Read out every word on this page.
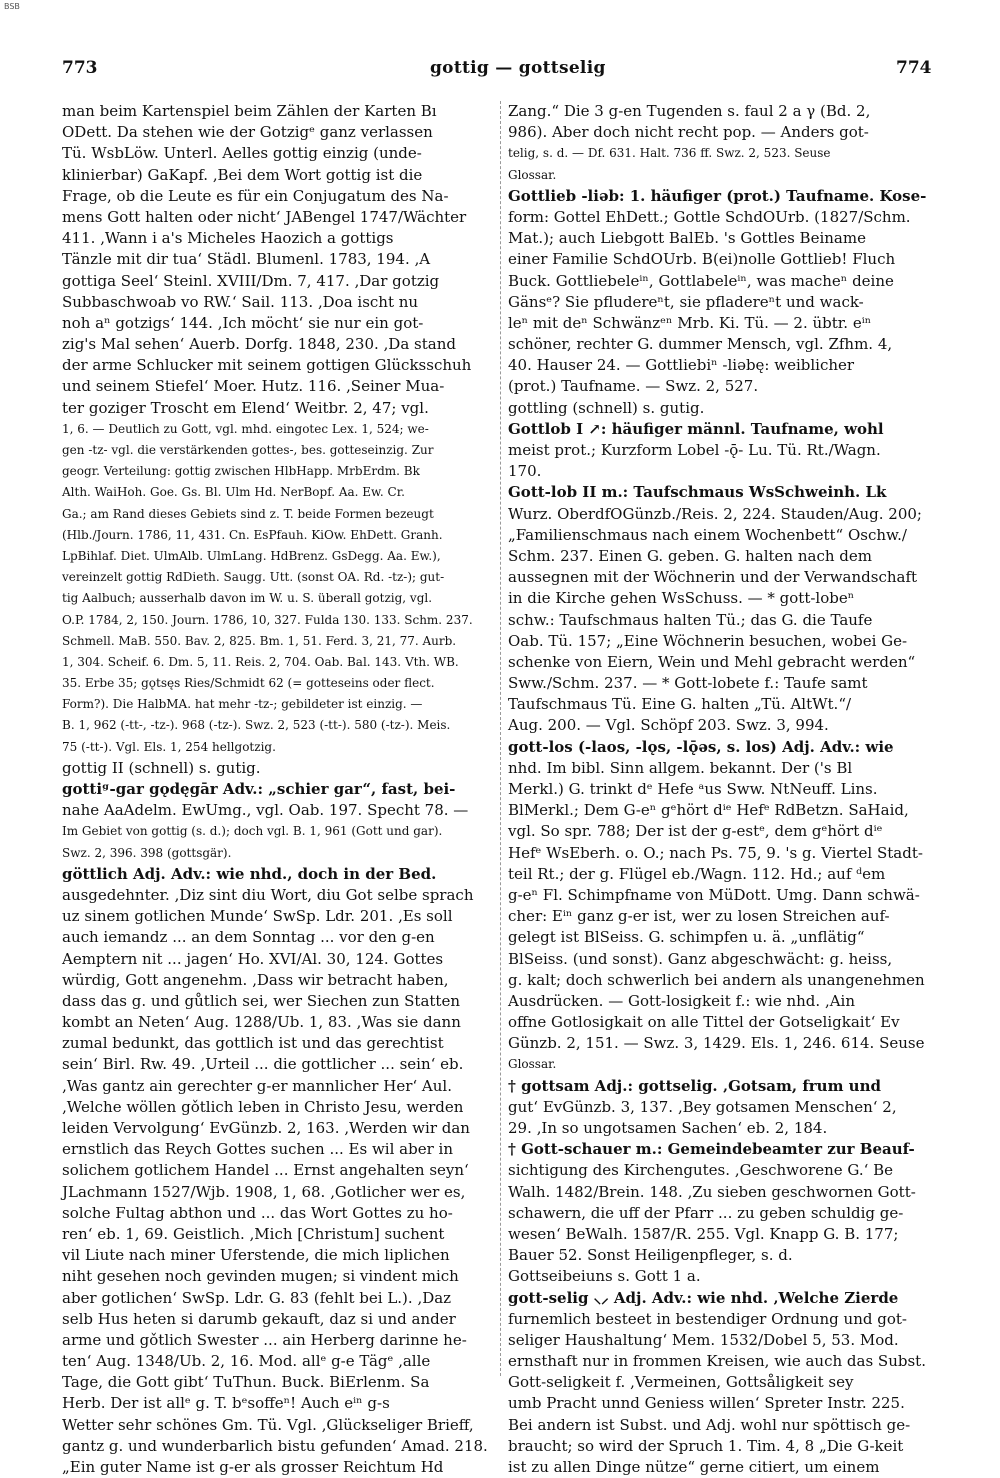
BSB
773	gottig — gottselig	774
man beim Kartenspiel beim Zählen der Karten Bı
ODett. Da stehen wie der Gotzigᵉ ganz verlassen
Tü. WsbLöw. Unterl. Aelles gottig einzig (unde-
klinierbar) GaKapf. ‚Bei dem Wort gottig ist die
Frage, ob die Leute es für ein Conjugatum des Na-
mens Gott halten oder nicht‘ JABengel 1747/Wächter
411. ‚Wann i a's Micheles Haozich a gottigs
Tänzle mit dir tua‘ Städl. Blumenl. 1783, 194. ‚A
gottiga Seel‘ Steinl. XVIII/Dm. 7, 417. ‚Dar gotzig
Subbaschwoab vo RW.‘ Sail. 113. ‚Doa ischt nu
noh aⁿ gotzigs‘ 144. ‚Ich möcht‘ sie nur ein got-
zig's Mal sehen‘ Auerb. Dorfg. 1848, 230. ‚Da stand
der arme Schlucker mit seinem gottigen Glücksschuh
und seinem Stiefel‘ Moer. Hutz. 116. ‚Seiner Mua-
ter goziger Troscht em Elend‘ Weitbr. 2, 47; vgl.
1, 6. — Deutlich zu Gott, vgl. mhd. eingotec Lex. 1, 524; we-
gen -tz- vgl. die verstärkenden gottes-, bes. gotteseinzig. Zur
geogr. Verteilung: gottig zwischen HlbHapp. MrbErdm. Bk
Alth. WaiHoh. Goe. Gs. Bl. Ulm Hd. NerBopf. Aa. Ew. Cr.
Ga.; am Rand dieses Gebiets sind z. T. beide Formen bezeugt
(Hlb./Journ. 1786, 11, 431. Cn. EsPfauh. KiOw. EhDett. Granh.
LpBihlaf. Diet. UlmAlb. UlmLang. HdBrenz. GsDegg. Aa. Ew.),
vereinzelt gottig RdDieth. Saugg. Utt. (sonst OA. Rd. -tz-); gut-
tig Aalbuch; ausserhalb davon im W. u. S. überall gotzig, vgl.
O.P. 1784, 2, 150. Journ. 1786, 10, 327. Fulda 130. 133. Schm. 237.
Schmell. MaB. 550. Bav. 2, 825. Bm. 1, 51. Ferd. 3, 21, 77. Aurb.
1, 304. Scheif. 6. Dm. 5, 11. Reis. 2, 704. Oab. Bal. 143. Vth. WB.
35. Erbe 35; gǫtsęs Ries/Schmidt 62 (= gotteseins oder flect.
Form?). Die HalbMA. hat mehr -tz-; gebildeter ist einzig. —
B. 1, 962 (-tt-, -tz-). 968 (-tz-). Swz. 2, 523 (-tt-). 580 (-tz-). Meis.
75 (-tt-). Vgl. Els. 1, 254 hellgotzig.
gottig II (schnell) s. gutig.
gottiᵍ-gar gǫdęgār Adv.: „schier gar“, fast, bei-
nahe AaAdelm. EwUmg., vgl. Oab. 197. Specht 78. —
Im Gebiet von gottig (s. d.); doch vgl. B. 1, 961 (Gott und gar).
Swz. 2, 396. 398 (gottsgär).
göttlich Adj. Adv.: wie nhd., doch in der Bed.
ausgedehnter. ‚Diz sint diu Wort, diu Got selbe sprach
uz sinem gotlichen Munde‘ SwSp. Ldr. 201. ‚Es soll
auch iemandz ... an dem Sonntag ... vor den g-en
Aemptern nit ... jagen‘ Ho. XVI/Al. 30, 124. Gottes
würdig, Gott angenehm. ‚Dass wir betracht haben,
dass das g. und gůtlich sei, wer Siechen zun Statten
kombt an Neten‘ Aug. 1288/Ub. 1, 83. ‚Was sie dann
zumal bedunkt, das gottlich ist und das gerechtist
sein‘ Birl. Rw. 49. ‚Urteil ... die gottlicher ... sein‘ eb.
‚Was gantz ain gerechter g-er mannlicher Her‘ Aul.
‚Welche wöllen gǒtlich leben in Christo Jesu, werden
leiden Vervolgung‘ EvGünzb. 2, 163. ‚Werden wir dan
ernstlich das Reych Gottes suchen ... Es wil aber in
solichem gotlichem Handel ... Ernst angehalten seyn‘
JLachmann 1527/Wjb. 1908, 1, 68. ‚Gotlicher wer es,
solche Fultag abthon und ... das Wort Gottes zu ho-
ren‘ eb. 1, 69. Geistlich. ‚Mich [Christum] suchent
vil Liute nach miner Uferstende, die mich liplichen
niht gesehen noch gevinden mugen; si vindent mich
aber gotlichen‘ SwSp. Ldr. G. 83 (fehlt bei L.). ‚Daz
selb Hus heten si darumb gekauft, daz si und ander
arme und gǒtlich Swester ... ain Herberg darinne he-
ten‘ Aug. 1348/Ub. 2, 16. Mod. allᵉ g-e Tägᵉ ‚alle
Tage, die Gott gibt‘ TuThun. Buck. BiErlenm. Sa
Herb. Der ist allᵉ g. T. bᵉsoffeⁿ! Auch eⁱⁿ g-s
Wetter sehr schönes Gm. Tü. Vgl. ‚Glückseliger Brieff,
gantz g. und wunderbarlich bistu gefunden‘ Amad. 218.
„Ein guter Name ist g-er als grosser Reichtum Hd
Zang.“ Die 3 g-en Tugenden s. faul 2 a γ (Bd. 2,
986). Aber doch nicht recht pop. — Anders got-
telig, s. d. — Df. 631. Halt. 736 ff. Swz. 2, 523. Seuse
Glossar.
Gottlieb -liəb: 1. häufiger (prot.) Taufname. Kose-
form: Gottel EhDett.; Gottle SchdOUrb. (1827/Schm.
Mat.); auch Liebgott BalEb. 's Gottles Beiname
einer Familie SchdOUrb. B(ei)nolle Gottlieb! Fluch
Buck. Gottliebeleⁱⁿ, Gottlabeleⁱⁿ, was macheⁿ deine
Gänsᵉ? Sie pfludereⁿt, sie pfladereⁿt und wack-
leⁿ mit deⁿ Schwänzᵉⁿ Mrb. Ki. Tü. — 2. übtr. eⁱⁿ
schöner, rechter G. dummer Mensch, vgl. Zfhm. 4,
40. Hauser 24. — Gottliebiⁿ -liəbę: weiblicher
(prot.) Taufname. — Swz. 2, 527.
gottling (schnell) s. gutig.
Gottlob I ↗: häufiger männl. Taufname, wohl
meist prot.; Kurzform Lobel -ǭ- Lu. Tü. Rt./Wagn.
170.
Gott-lob II m.: Taufschmaus WsSchweinh. Lk
Wurz. OberdfOGünzb./Reis. 2, 224. Stauden/Aug. 200;
„Familienschmaus nach einem Wochenbett“ Oschw./
Schm. 237. Einen G. geben. G. halten nach dem
aussegnen mit der Wöchnerin und der Verwandschaft
in die Kirche gehen WsSchuss. — * gott-lobeⁿ
schw.: Taufschmaus halten Tü.; das G. die Taufe
Oab. Tü. 157; „Eine Wöchnerin besuchen, wobei Ge-
schenke von Eiern, Wein und Mehl gebracht werden“
Sww./Schm. 237. — * Gott-lobete f.: Taufe samt
Taufschmaus Tü. Eine G. halten „Tü. AltWt.“/
Aug. 200. — Vgl. Schöpf 203. Swz. 3, 994.
gott-los (-laos, -lǫs, -lǭəs, s. los) Adj. Adv.: wie
nhd. Im bibl. Sinn allgem. bekannt. Der ('s Bl
Merkl.) G. trinkt dᵉ Hefe ᵃus Sww. NtNeuff. Lins.
BlMerkl.; Dem G-eⁿ gᵉhört dⁱᵉ Hefᵉ RdBetzn. SaHaid,
vgl. So spr. 788; Der ist der g-estᵉ, dem gᵉhört dⁱᵉ
Hefᵉ WsEberh. o. O.; nach Ps. 75, 9. 's g. Viertel Stadt-
teil Rt.; der g. Flügel eb./Wagn. 112. Hd.; auf ᵈem
g-eⁿ Fl. Schimpfname von MüDott. Umg. Dann schwä-
cher: Eⁱⁿ ganz g-er ist, wer zu losen Streichen auf-
gelegt ist BlSeiss. G. schimpfen u. ä. „unflätig“
BlSeiss. (und sonst). Ganz abgeschwächt: g. heiss,
g. kalt; doch schwerlich bei andern als unangenehmen
Ausdrücken. — Gott-losigkeit f.: wie nhd. ‚Ain
offne Gotlosigkait on alle Tittel der Gotseligkait‘ Ev
Günzb. 2, 151. — Swz. 3, 1429. Els. 1, 246. 614. Seuse
Glossar.
† gottsam Adj.: gottselig. ‚Gotsam, frum und
gut‘ EvGünzb. 3, 137. ‚Bey gotsamen Menschen‘ 2,
29. ‚In so ungotsamen Sachen‘ eb. 2, 184.
† Gott-schauer m.: Gemeindebeamter zur Beauf-
sichtigung des Kirchengutes. ‚Geschworene G.‘ Be
Walh. 1482/Brein. 148. ‚Zu sieben geschwornen Gott-
schawern, die uff der Pfarr ... zu geben schuldig ge-
wesen‘ BeWalh. 1587/R. 255. Vgl. Knapp G. B. 177;
Bauer 52. Sonst Heiligenpfleger, s. d.
Gottseibeiuns s. Gott 1 a.
gott-selig ⸜⸝ Adj. Adv.: wie nhd. ‚Welche Zierde
furnemlich besteet in bestendiger Ordnung und got-
seliger Haushaltung‘ Mem. 1532/Dobel 5, 53. Mod.
ernsthaft nur in frommen Kreisen, wie auch das Subst.
Gott-seligkeit f. ‚Vermeinen, Gottsåligkeit sey
umb Pracht unnd Geniess willen‘ Spreter Instr. 225.
Bei andern ist Subst. und Adj. wohl nur spöttisch ge-
braucht; so wird der Spruch 1. Tim. 4, 8 „Die G-keit
ist zu allen Dinge nütze“ gerne citiert, um einem
